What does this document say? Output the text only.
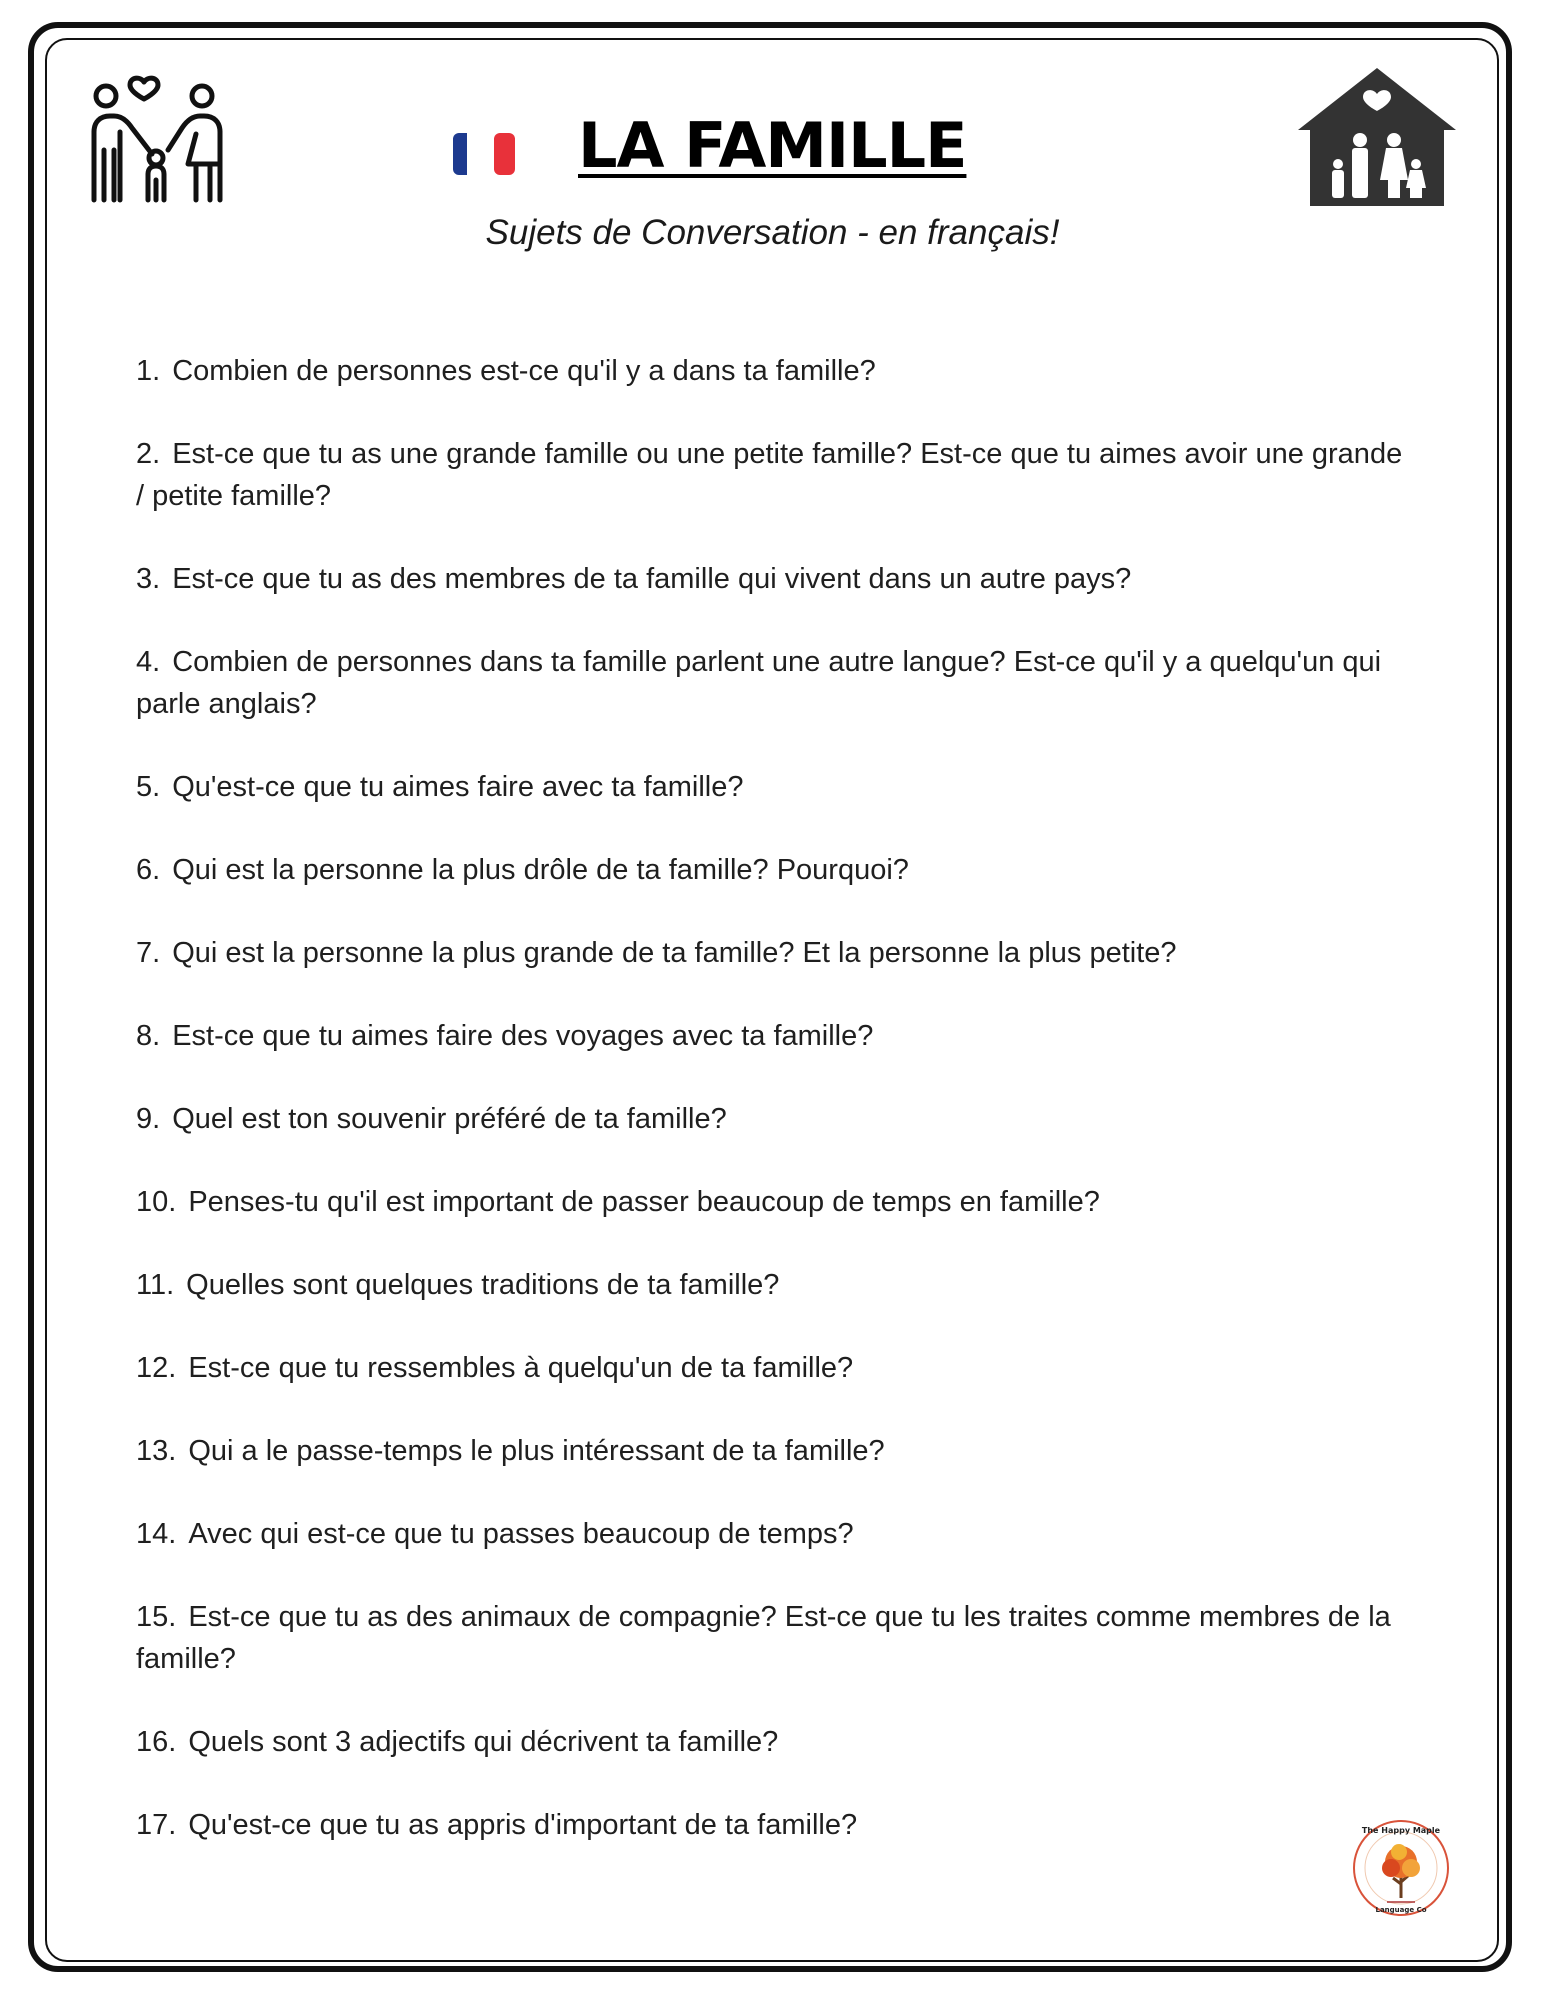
LA FAMILLE

Sujets de Conversation - en français!

1. Combien de personnes est-ce qu'il y a dans ta famille?
2. Est-ce que tu as une grande famille ou une petite famille? Est-ce que tu aimes avoir une grande / petite famille?
3. Est-ce que tu as des membres de ta famille qui vivent dans un autre pays?
4. Combien de personnes dans ta famille parlent une autre langue? Est-ce qu'il y a quelqu'un qui parle anglais?
5. Qu'est-ce que tu aimes faire avec ta famille?
6. Qui est la personne la plus drôle de ta famille? Pourquoi?
7. Qui est la personne la plus grande de ta famille? Et la personne la plus petite?
8. Est-ce que tu aimes faire des voyages avec ta famille?
9. Quel est ton souvenir préféré de ta famille?
10. Penses-tu qu'il est important de passer beaucoup de temps en famille?
11. Quelles sont quelques traditions de ta famille?
12. Est-ce que tu ressembles à quelqu'un de ta famille?
13. Qui a le passe-temps le plus intéressant de ta famille?
14. Avec qui est-ce que tu passes beaucoup de temps?
15. Est-ce que tu as des animaux de compagnie? Est-ce que tu les traites comme membres de la famille?
16. Quels sont 3 adjectifs qui décrivent ta famille?
17. Qu'est-ce que tu as appris d'important de ta famille?	The Happy Maple
Language Co
